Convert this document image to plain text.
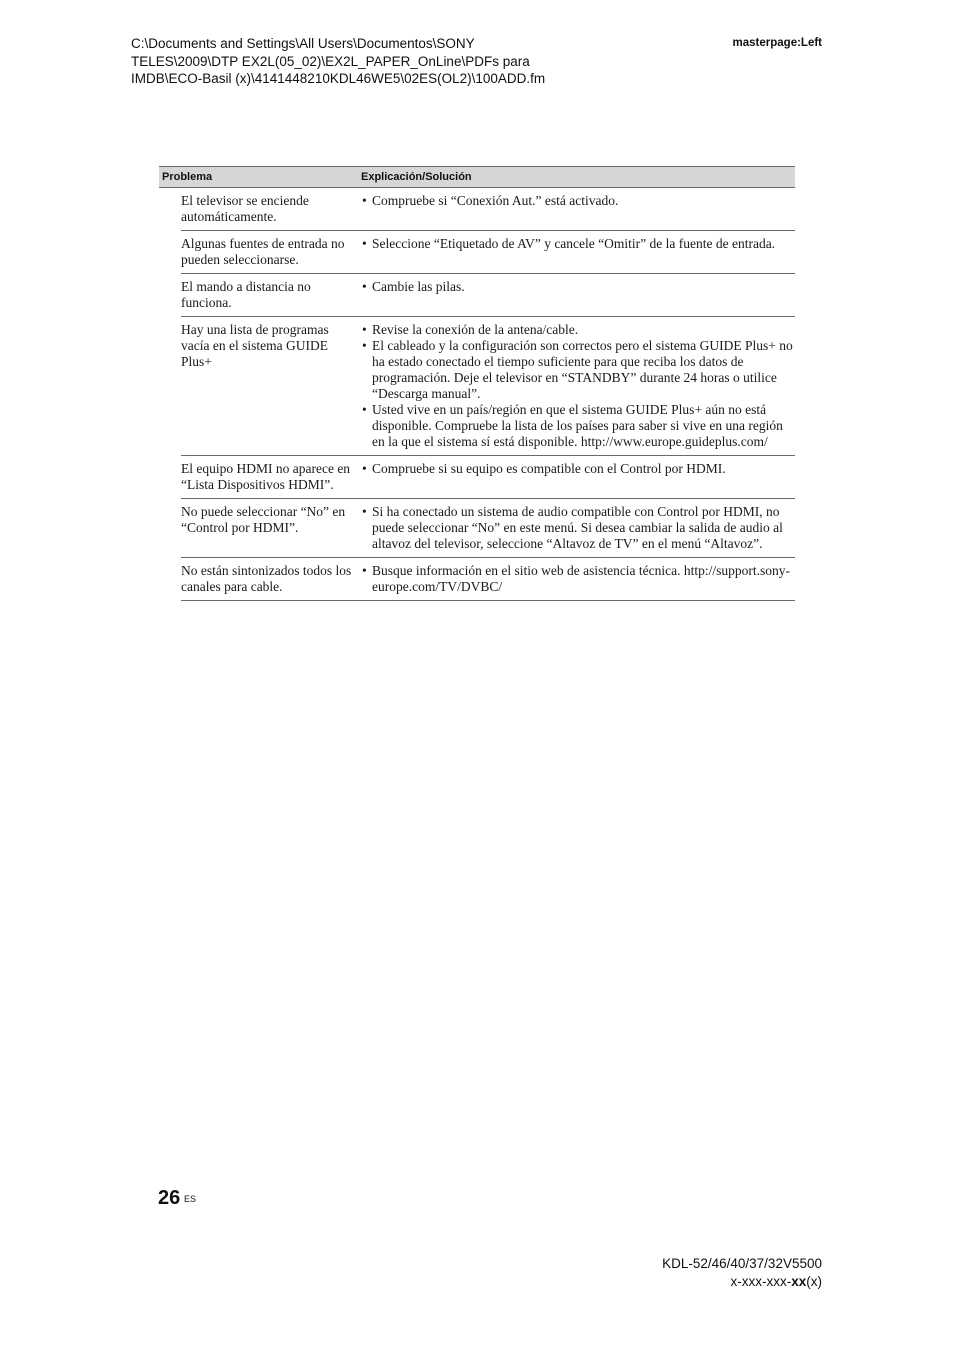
C:\Documents and Settings\All Users\Documentos\SONY
TELES\2009\DTP EX2L(05_02)\EX2L_PAPER_OnLine\PDFs para
IMDB\ECO-Basil (x)\4141448210KDL46WE5\02ES(OL2)\100ADD.fm
masterpage:Left
Problema	Explicación/Solución
El televisor se enciende automáticamente.
• Compruebe si “Conexión Aut.” está activado.
Algunas fuentes de entrada no pueden seleccionarse.
• Seleccione “Etiquetado de AV” y cancele “Omitir” de la fuente de entrada.
El mando a distancia no funciona.
• Cambie las pilas.
Hay una lista de programas vacía en el sistema GUIDE Plus+
• Revise la conexión de la antena/cable.
• El cableado y la configuración son correctos pero el sistema GUIDE Plus+ no ha estado conectado el tiempo suficiente para que reciba los datos de programación. Deje el televisor en “STANDBY” durante 24 horas o utilice “Descarga manual”.
• Usted vive en un país/región en que el sistema GUIDE Plus+ aún no está disponible. Compruebe la lista de los países para saber si vive en una región en la que el sistema sí está disponible. http://www.europe.guideplus.com/
El equipo HDMI no aparece en “Lista Dispositivos HDMI”.
• Compruebe si su equipo es compatible con el Control por HDMI.
No puede seleccionar “No” en “Control por HDMI”.
• Si ha conectado un sistema de audio compatible con Control por HDMI, no puede seleccionar “No” en este menú. Si desea cambiar la salida de audio al altavoz del televisor, seleccione “Altavoz de TV” en el menú “Altavoz”.
No están sintonizados todos los canales para cable.
• Busque información en el sitio web de asistencia técnica. http://support.sony-europe.com/TV/DVBC/
26 ES
KDL-52/46/40/37/32V5500
x-xxx-xxx-xx(x)
